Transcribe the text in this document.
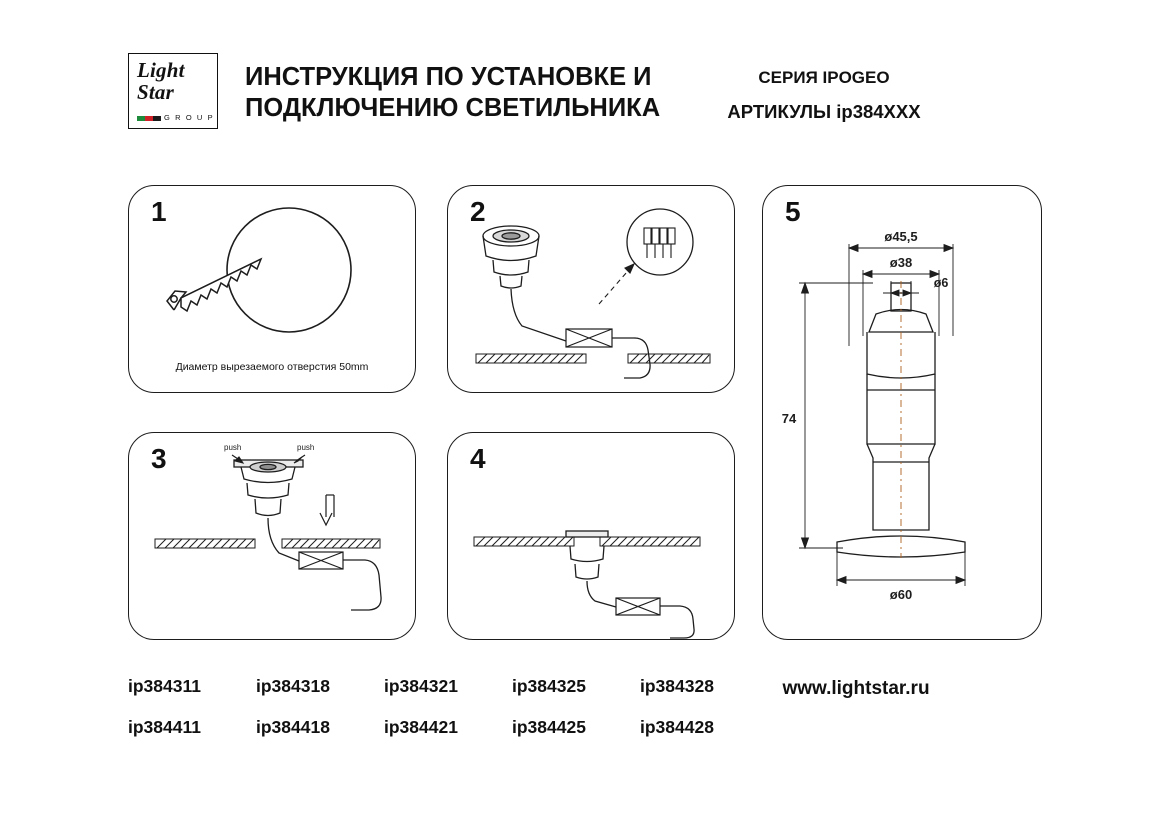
Light
Star
G R O U P
ИНСТРУКЦИЯ ПО УСТАНОВКЕ И ПОДКЛЮЧЕНИЮ СВЕТИЛЬНИКА
СЕРИЯ IPOGEO
АРТИКУЛЫ ip384ХХХ
1
Диаметр вырезаемого отверстия 50mm
2
3	push	push	4
5
ø45,5
ø38
ø6
74
ø60
ip384311	ip384318	ip384321	ip384325	ip384328
ip384411	ip384418	ip384421	ip384425	ip384428
www.lightstar.ru
